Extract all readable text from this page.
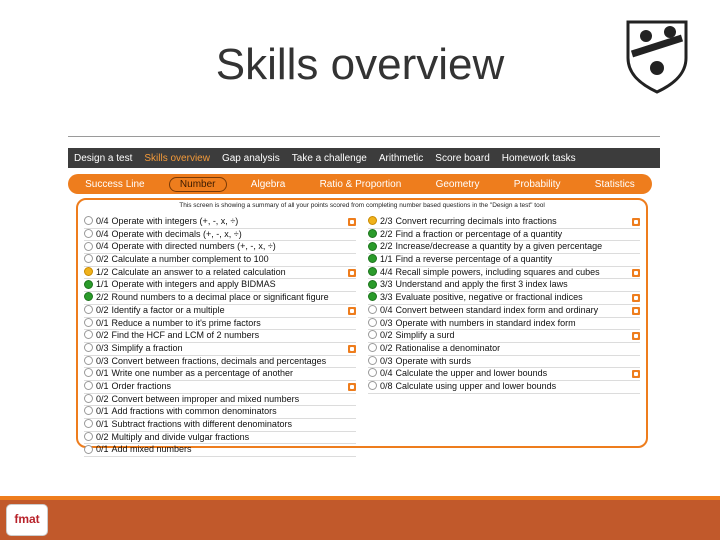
Skills overview
Design a test	Skills overview	Gap analysis	Take a challenge	Arithmetic	Score board	Homework tasks
Success Line	Number	Algebra	Ratio & Proportion	Geometry	Probability	Statistics
This screen is showing a summary of all your points scored from completing number based questions in the "Design a test" tool
0/4 Operate with integers (+, -, x, ÷)
0/4 Operate with decimals (+, -, x, ÷)
0/4 Operate with directed numbers (+, -, x, ÷)
0/2 Calculate a number complement to 100
1/2 Calculate an answer to a related calculation
1/1 Operate with integers and apply BIDMAS
2/2 Round numbers to a decimal place or significant figure
0/2 Identify a factor or a multiple
0/1 Reduce a number to it's prime factors
0/2 Find the HCF and LCM of 2 numbers
0/3 Simplify a fraction
0/3 Convert between fractions, decimals and percentages
0/1 Write one number as a percentage of another
0/1 Order fractions
0/2 Convert between improper and mixed numbers
0/1 Add fractions with common denominators
0/1 Subtract fractions with different denominators
0/2 Multiply and divide vulgar fractions
0/1 Add mixed numbers
2/3 Convert recurring decimals into fractions
2/2 Find a fraction or percentage of a quantity
2/2 Increase/decrease a quantity by a given percentage
1/1 Find a reverse percentage of a quantity
4/4 Recall simple powers, including squares and cubes
3/3 Understand and apply the first 3 index laws
3/3 Evaluate positive, negative or fractional indices
0/4 Convert between standard index form and ordinary
0/3 Operate with numbers in standard index form
0/2 Simplify a surd
0/2 Rationalise a denominator
0/3 Operate with surds
0/4 Calculate the upper and lower bounds
0/8 Calculate using upper and lower bounds
fmat
